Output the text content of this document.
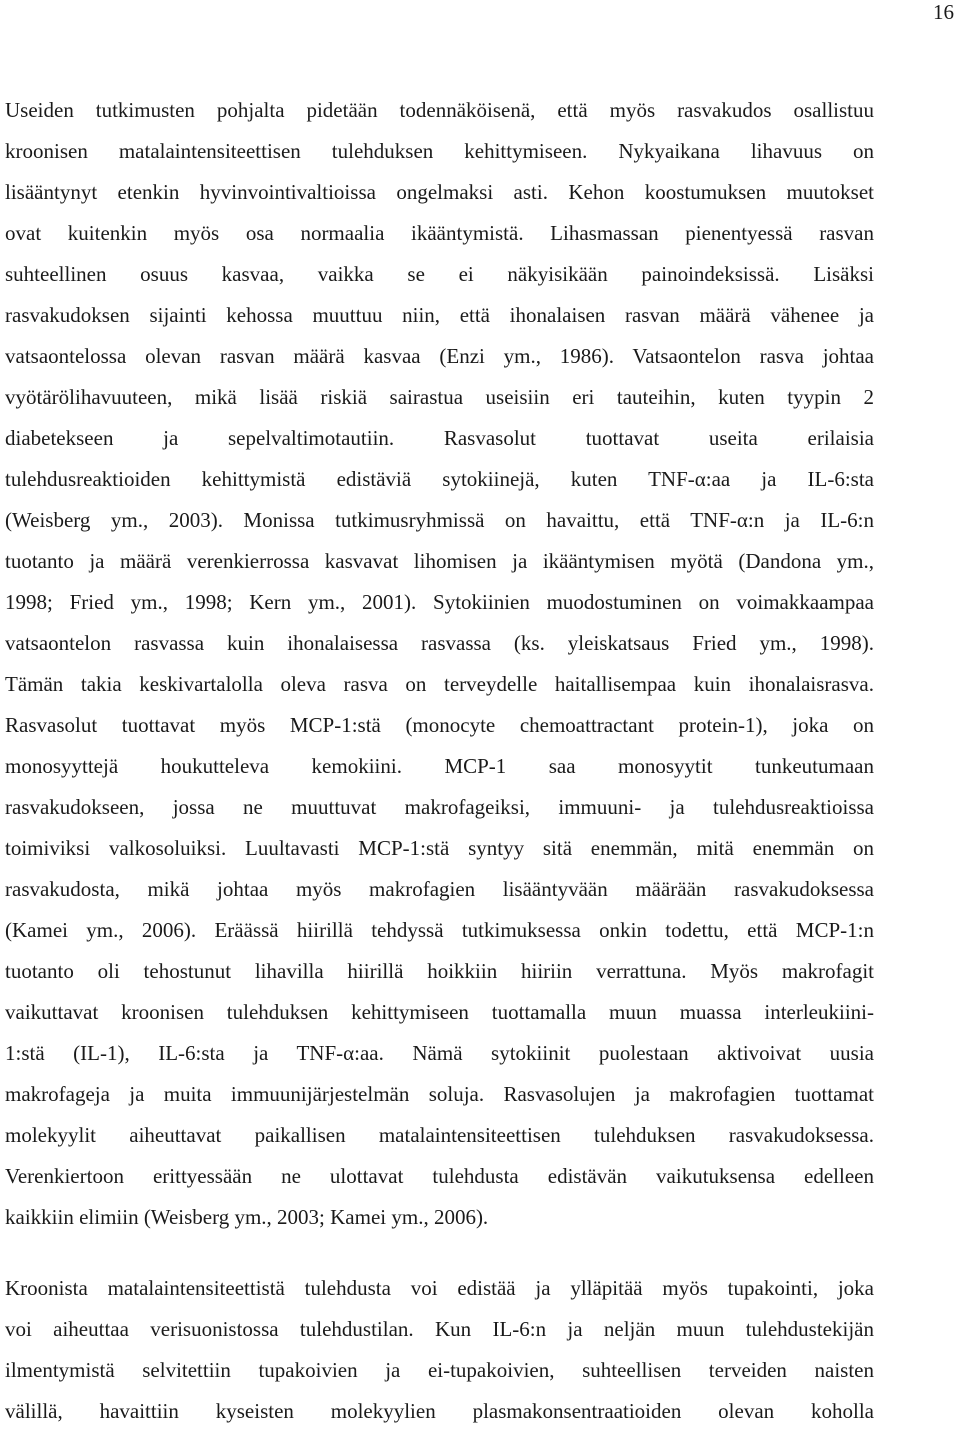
16
Useiden tutkimusten pohjalta pidetään todennäköisenä, että myös rasvakudos osallistuu
kroonisen matalaintensiteettisen tulehduksen kehittymiseen. Nykyaikana lihavuus on
lisääntynyt etenkin hyvinvointivaltioissa ongelmaksi asti. Kehon koostumuksen muutokset
ovat kuitenkin myös osa normaalia ikääntymistä. Lihasmassan pienentyessä rasvan
suhteellinen osuus kasvaa, vaikka se ei näkyisikään painoindeksissä. Lisäksi
rasvakudoksen sijainti kehossa muuttuu niin, että ihonalaisen rasvan määrä vähenee ja
vatsaontelossa olevan rasvan määrä kasvaa (Enzi ym., 1986). Vatsaontelon rasva johtaa
vyötärölihavuuteen, mikä lisää riskiä sairastua useisiin eri tauteihin, kuten tyypin 2
diabetekseen ja sepelvaltimotautiin. Rasvasolut tuottavat useita erilaisia
tulehdusreaktioiden kehittymistä edistäviä sytokiinejä, kuten TNF-α:aa ja IL-6:sta
(Weisberg ym., 2003). Monissa tutkimusryhmissä on havaittu, että TNF-α:n ja IL-6:n
tuotanto ja määrä verenkierrossa kasvavat lihomisen ja ikääntymisen myötä (Dandona ym.,
1998; Fried ym., 1998; Kern ym., 2001). Sytokiinien muodostuminen on voimakkaampaa
vatsaontelon rasvassa kuin ihonalaisessa rasvassa (ks. yleiskatsaus Fried ym., 1998).
Tämän takia keskivartalolla oleva rasva on terveydelle haitallisempaa kuin ihonalaisrasva.
Rasvasolut tuottavat myös MCP-1:stä (monocyte chemoattractant protein-1), joka on
monosyyttejä houkutteleva kemokiini. MCP-1 saa monosyytit tunkeutumaan
rasvakudokseen, jossa ne muuttuvat makrofageiksi, immuuni- ja tulehdusreaktioissa
toimiviksi valkosoluiksi. Luultavasti MCP-1:stä syntyy sitä enemmän, mitä enemmän on
rasvakudosta, mikä johtaa myös makrofagien lisääntyvään määrään rasvakudoksessa
(Kamei ym., 2006). Eräässä hiirillä tehdyssä tutkimuksessa onkin todettu, että MCP-1:n
tuotanto oli tehostunut lihavilla hiirillä hoikkiin hiiriin verrattuna. Myös makrofagit
vaikuttavat kroonisen tulehduksen kehittymiseen tuottamalla muun muassa interleukiini-
1:stä (IL-1), IL-6:sta ja TNF-α:aa. Nämä sytokiinit puolestaan aktivoivat uusia
makrofageja ja muita immuunijärjestelmän soluja. Rasvasolujen ja makrofagien tuottamat
molekyylit aiheuttavat paikallisen matalaintensiteettisen tulehduksen rasvakudoksessa.
Verenkiertoon erittyessään ne ulottavat tulehdusta edistävän vaikutuksensa edelleen
kaikkiin elimiin (Weisberg ym., 2003; Kamei ym., 2006).
Kroonista matalaintensiteettistä tulehdusta voi edistää ja ylläpitää myös tupakointi, joka
voi aiheuttaa verisuonistossa tulehdustilan. Kun IL-6:n ja neljän muun tulehdustekijän
ilmentymistä selvitettiin tupakoivien ja ei-tupakoivien, suhteellisen terveiden naisten
välillä, havaittiin kyseisten molekyylien plasmakonsentraatioiden olevan koholla
